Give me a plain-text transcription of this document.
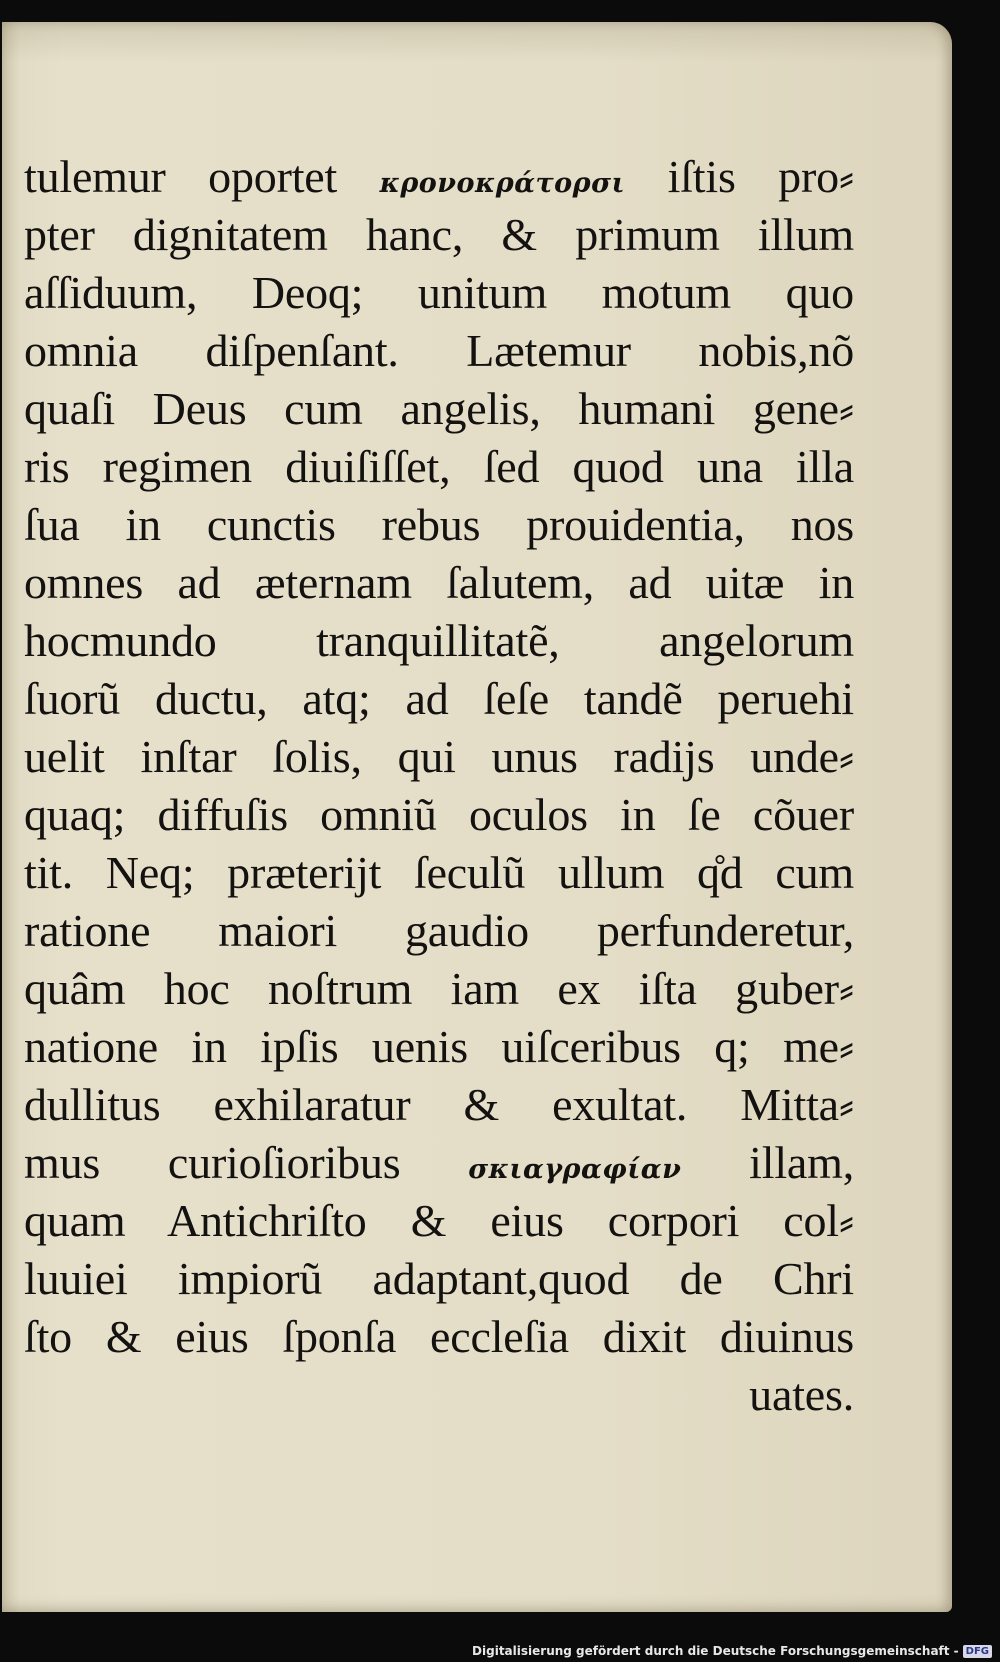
tulemur oportet κρονοκράτορσι iſtis pro⸗
pter dignitatem hanc, & primum illum
aſſiduum, Deoq; unitum motum quo
omnia diſpenſant. Lætemur nobis,nõ
quaſi Deus cum angelis, humani gene⸗
ris regimen diuiſiſſet, ſed quod una illa
ſua in cunctis rebus prouidentia, nos
omnes ad æternam ſalutem, ad uitæ in
hocmundo tranquillitatẽ, angelorum
ſuorũ ductu, atq; ad ſeſe tandẽ peruehi
uelit inſtar ſolis, qui unus radijs unde⸗
quaq; diffuſis omniũ oculos in ſe cõuer
tit. Neq; præterijt ſeculũ ullum q̊d cum
ratione maiori gaudio perfunderetur,
quâm hoc noſtrum iam ex iſta guber⸗
natione in ipſis uenis uiſceribus q; me⸗
dullitus exhilaratur & exultat. Mitta⸗
mus curioſioribus σκιαγραφίαν illam,
quam Antichriſto & eius corpori col⸗
luuiei impiorũ adaptant,quod de Chri
ſto & eius ſponſa eccleſia dixit diuinus
uates.
Digitalisierung gefördert durch die Deutsche Forschungsgemeinschaft - DFG
